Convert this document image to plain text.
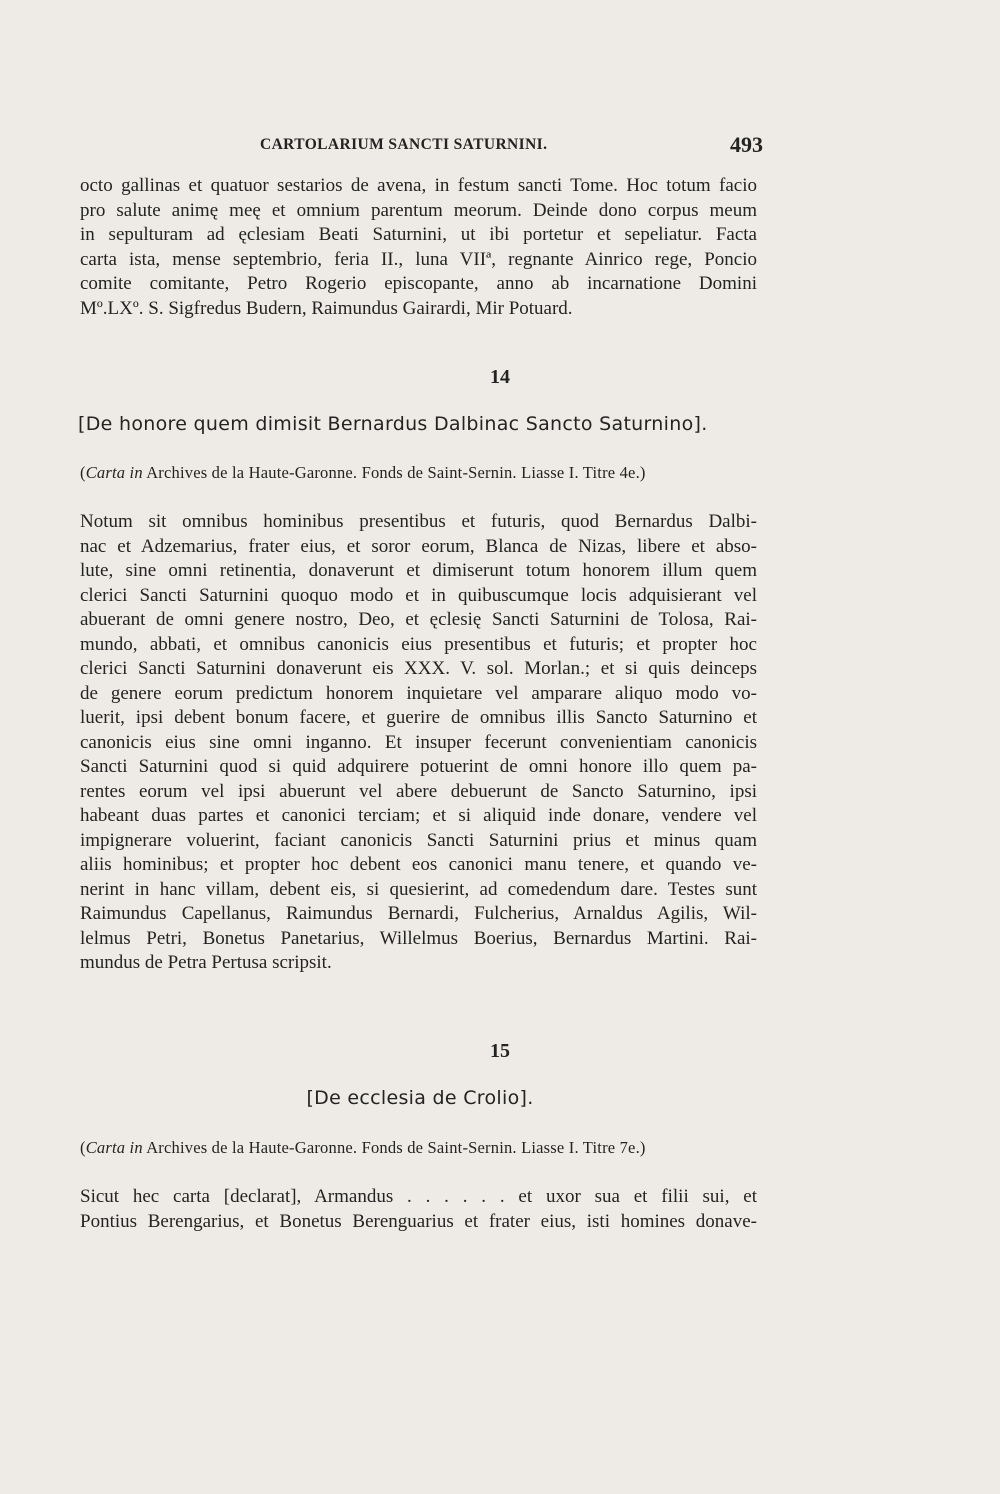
CARTOLARIUM SANCTI SATURNINI.	493
octo gallinas et quatuor sestarios de avena, in festum sancti Tome. Hoc totum facio
pro salute animę meę et omnium parentum meorum. Deinde dono corpus meum
in sepulturam ad ęclesiam Beati Saturnini, ut ibi portetur et sepeliatur. Facta
carta ista, mense septembrio, feria II., luna VIIª, regnante Ainrico rege, Poncio
comite comitante, Petro Rogerio episcopante, anno ab incarnatione Domini
Mº.LXº. S. Sigfredus Budern, Raimundus Gairardi, Mir Potuard.
14
[De honore quem dimisit Bernardus Dalbinac Sancto Saturnino].
(Carta in Archives de la Haute-Garonne. Fonds de Saint-Sernin. Liasse I. Titre 4e.)
Notum sit omnibus hominibus presentibus et futuris, quod Bernardus Dalbi-
nac et Adzemarius, frater eius, et soror eorum, Blanca de Nizas, libere et abso-
lute, sine omni retinentia, donaverunt et dimiserunt totum honorem illum quem
clerici Sancti Saturnini quoquo modo et in quibuscumque locis adquisierant vel
abuerant de omni genere nostro, Deo, et ęclesię Sancti Saturnini de Tolosa, Rai-
mundo, abbati, et omnibus canonicis eius presentibus et futuris; et propter hoc
clerici Sancti Saturnini donaverunt eis XXX. V. sol. Morlan.; et si quis deinceps
de genere eorum predictum honorem inquietare vel amparare aliquo modo vo-
luerit, ipsi debent bonum facere, et guerire de omnibus illis Sancto Saturnino et
canonicis eius sine omni inganno. Et insuper fecerunt convenientiam canonicis
Sancti Saturnini quod si quid adquirere potuerint de omni honore illo quem pa-
rentes eorum vel ipsi abuerunt vel abere debuerunt de Sancto Saturnino, ipsi
habeant duas partes et canonici terciam; et si aliquid inde donare, vendere vel
impignerare voluerint, faciant canonicis Sancti Saturnini prius et minus quam
aliis hominibus; et propter hoc debent eos canonici manu tenere, et quando ve-
nerint in hanc villam, debent eis, si quesierint, ad comedendum dare. Testes sunt
Raimundus Capellanus, Raimundus Bernardi, Fulcherius, Arnaldus Agilis, Wil-
lelmus Petri, Bonetus Panetarius, Willelmus Boerius, Bernardus Martini. Rai-
mundus de Petra Pertusa scripsit.
15
[De ecclesia de Crolio].
(Carta in Archives de la Haute-Garonne. Fonds de Saint-Sernin. Liasse I. Titre 7e.)
Sicut hec carta [declarat], Armandus . . . . . . et uxor sua et filii sui, et
Pontius Berengarius, et Bonetus Berenguarius et frater eius, isti homines donave-
